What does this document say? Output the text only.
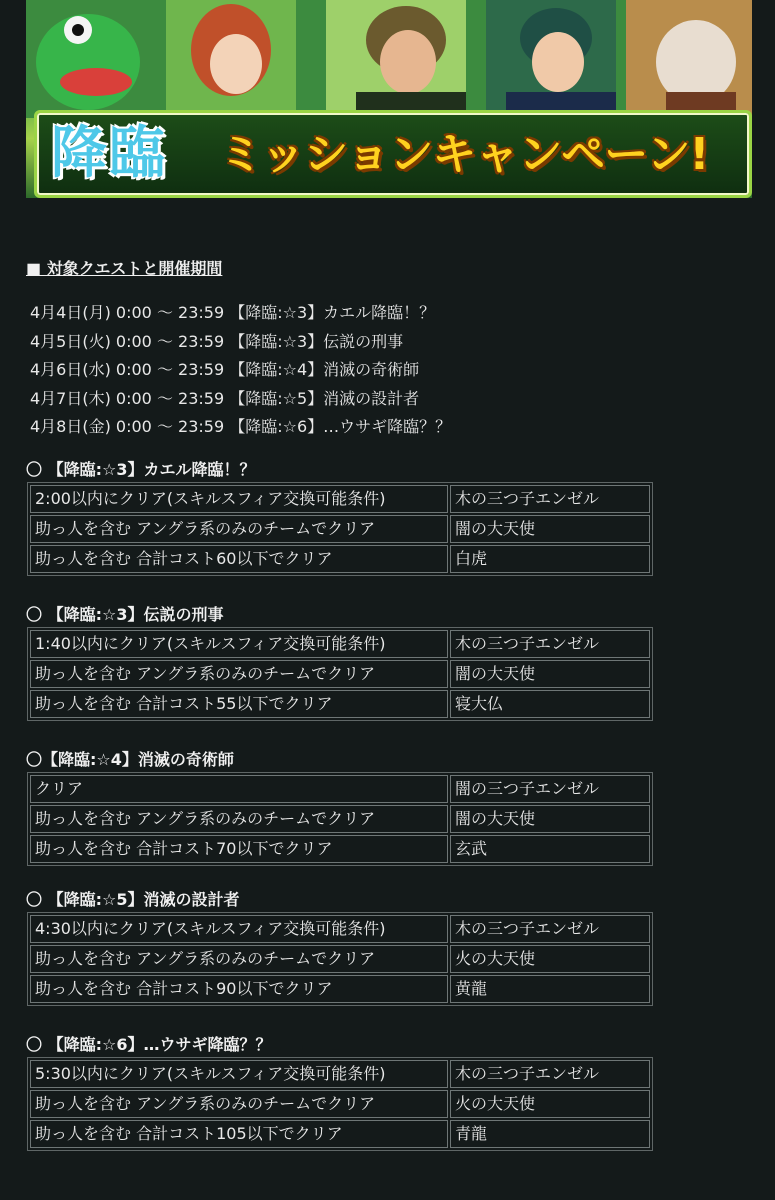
降臨 ミッションキャンペーン!
■ 対象クエストと開催期間
4月4日(月) 0:00 〜 23:59 【降臨:☆3】カエル降臨！？
4月5日(火) 0:00 〜 23:59 【降臨:☆3】伝説の刑事
4月6日(水) 0:00 〜 23:59 【降臨:☆4】消滅の奇術師
4月7日(木) 0:00 〜 23:59 【降臨:☆5】消滅の設計者
4月8日(金) 0:00 〜 23:59 【降臨:☆6】…ウサギ降臨？？
〇 【降臨:☆3】カエル降臨！？
2:00以内にクリア(スキルスフィア交換可能条件)	木の三つ子エンゼル
助っ人を含む アングラ系のみのチームでクリア	闇の大天使
助っ人を含む 合計コスト60以下でクリア	白虎
〇 【降臨:☆3】伝説の刑事
1:40以内にクリア(スキルスフィア交換可能条件)	木の三つ子エンゼル
助っ人を含む アングラ系のみのチームでクリア	闇の大天使
助っ人を含む 合計コスト55以下でクリア	寝大仏
〇【降臨:☆4】消滅の奇術師
クリア	闇の三つ子エンゼル
助っ人を含む アングラ系のみのチームでクリア	闇の大天使
助っ人を含む 合計コスト70以下でクリア	玄武
〇 【降臨:☆5】消滅の設計者
4:30以内にクリア(スキルスフィア交換可能条件)	木の三つ子エンゼル
助っ人を含む アングラ系のみのチームでクリア	火の大天使
助っ人を含む 合計コスト90以下でクリア	黄龍
〇 【降臨:☆6】…ウサギ降臨？？
5:30以内にクリア(スキルスフィア交換可能条件)	木の三つ子エンゼル
助っ人を含む アングラ系のみのチームでクリア	火の大天使
助っ人を含む 合計コスト105以下でクリア	青龍
